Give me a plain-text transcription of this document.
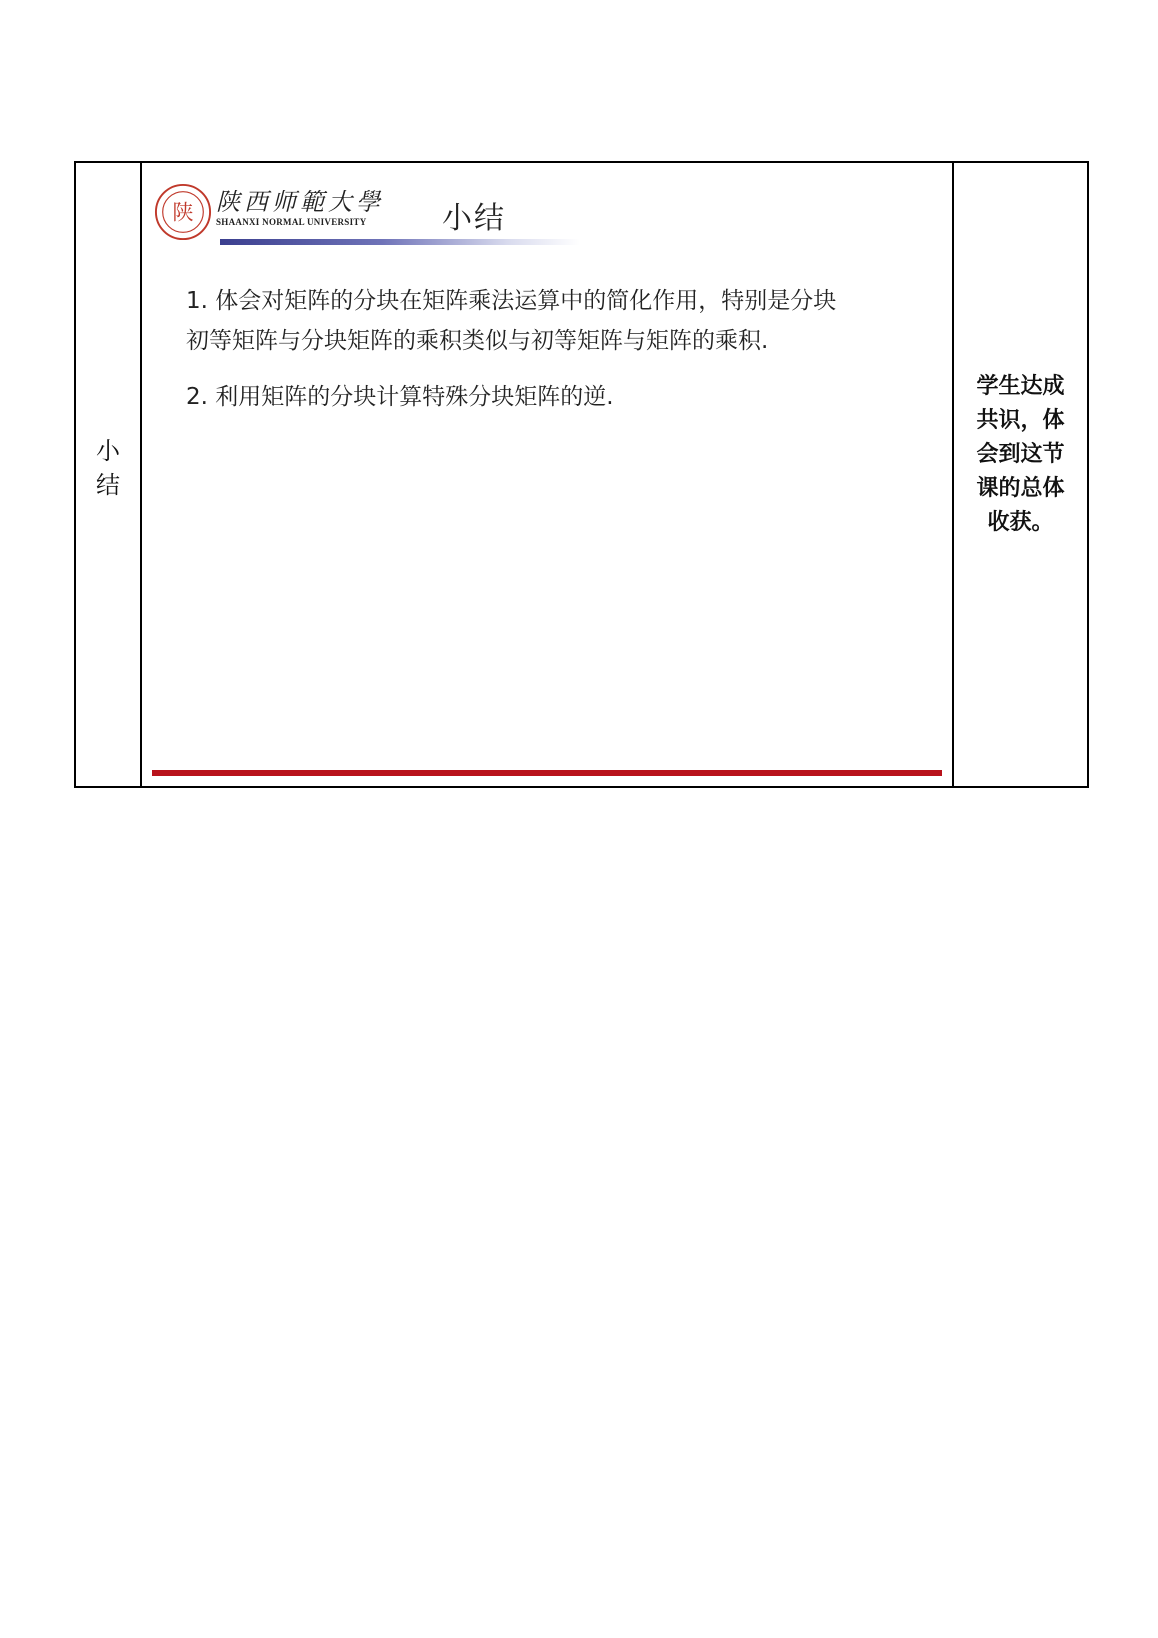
小
结
陕 陕西师範大學
SHAANXI NORMAL UNIVERSITY	小结

1. 体会对矩阵的分块在矩阵乘法运算中的简化作用，特别是分块初等矩阵与分块矩阵的乘积类似与初等矩阵与矩阵的乘积.

2. 利用矩阵的分块计算特殊分块矩阵的逆.	学生达成
共识，体
会到这节
课的总体
收获。
